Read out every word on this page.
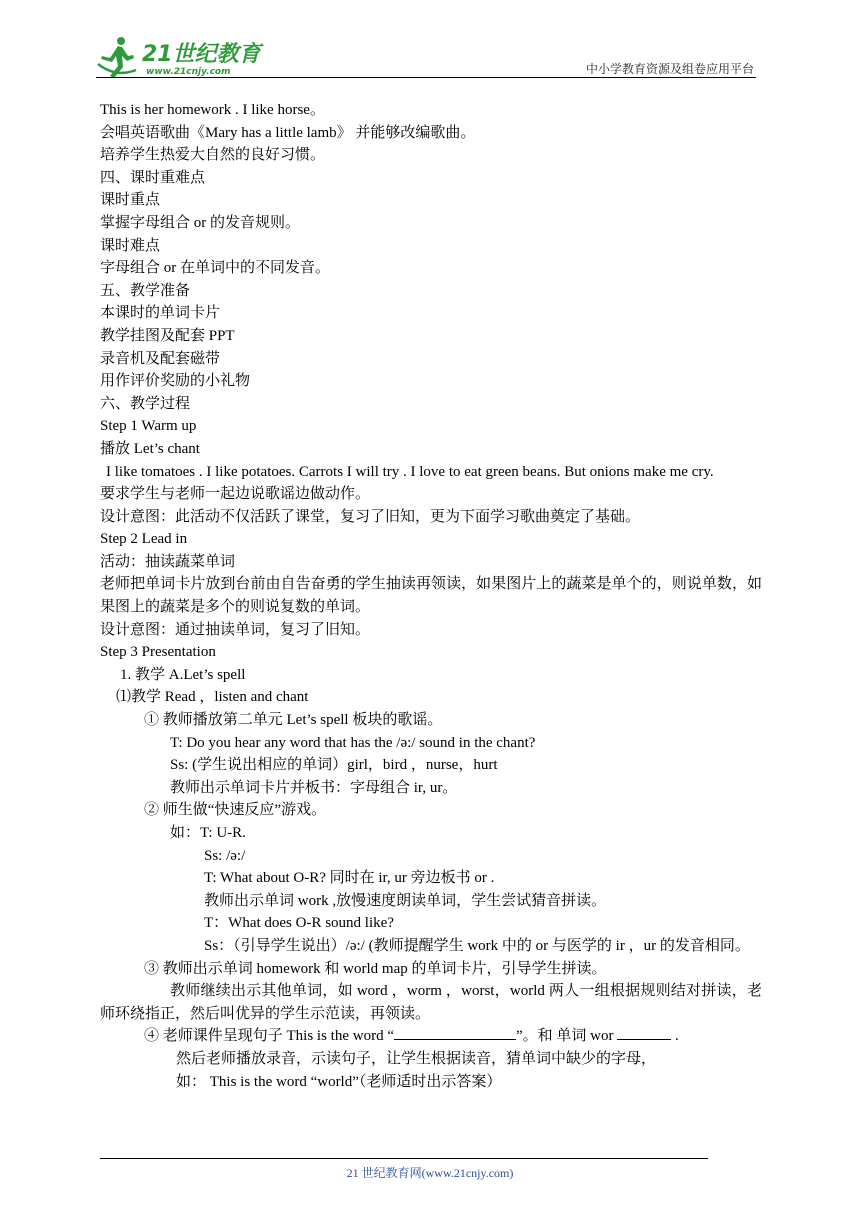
21世纪教育
www.21cnjy.com	中小学教育资源及组卷应用平台
This is her homework . I like horse。
会唱英语歌曲《Mary has a little lamb》 并能够改编歌曲。
培养学生热爱大自然的良好习惯。
四、课时重难点
课时重点
掌握字母组合 or 的发音规则。
课时难点
字母组合 or 在单词中的不同发音。
五、教学准备
本课时的单词卡片
教学挂图及配套 PPT
录音机及配套磁带
用作评价奖励的小礼物
六、教学过程
Step 1 Warm up
播放 Let’s chant
I like tomatoes . I like potatoes. Carrots I will try . I love to eat green beans. But onions make me cry.
要求学生与老师一起边说歌谣边做动作。
设计意图：此活动不仅活跃了课堂，复习了旧知，更为下面学习歌曲奠定了基础。
Step 2 Lead in
活动：抽读蔬菜单词
老师把单词卡片放到台前由自告奋勇的学生抽读再领读，如果图片上的蔬菜是单个的，则说单数，如果图上的蔬菜是多个的则说复数的单词。
设计意图：通过抽读单词，复习了旧知。
Step 3 Presentation
1. 教学 A.Let’s spell
⑴教学 Read ，listen and chant
① 教师播放第二单元 Let’s spell 板块的歌谣。
T: Do you hear any word that has the /ə:/ sound in the chant?
Ss: (学生说出相应的单词）girl，bird ，nurse，hurt
教师出示单词卡片并板书：字母组合 ir, ur。
② 师生做“快速反应”游戏。
如：T: U-R.
Ss: /ə:/
T: What about O-R? 同时在 ir, ur 旁边板书 or .
教师出示单词 work ,放慢速度朗读单词，学生尝试猜音拼读。
T：What does O-R sound like?
Ss：（引导学生说出）/ə:/ (教师提醒学生 work 中的 or 与医学的 ir ，ur 的发音相同。
③ 教师出示单词 homework 和 world map 的单词卡片，引导学生拼读。
教师继续出示其他单词，如 word ，worm ，worst，world 两人一组根据规则结对拼读，老师环绕指正，然后叫优异的学生示范读，再领读。
④ 老师课件呈现句子 This is the word “	”。和 单词 wor	.
然后老师播放录音，示读句子，让学生根据读音，猜单词中缺少的字母，
如： This is the word “world”（老师适时出示答案）
21 世纪教育网(www.21cnjy.com)
